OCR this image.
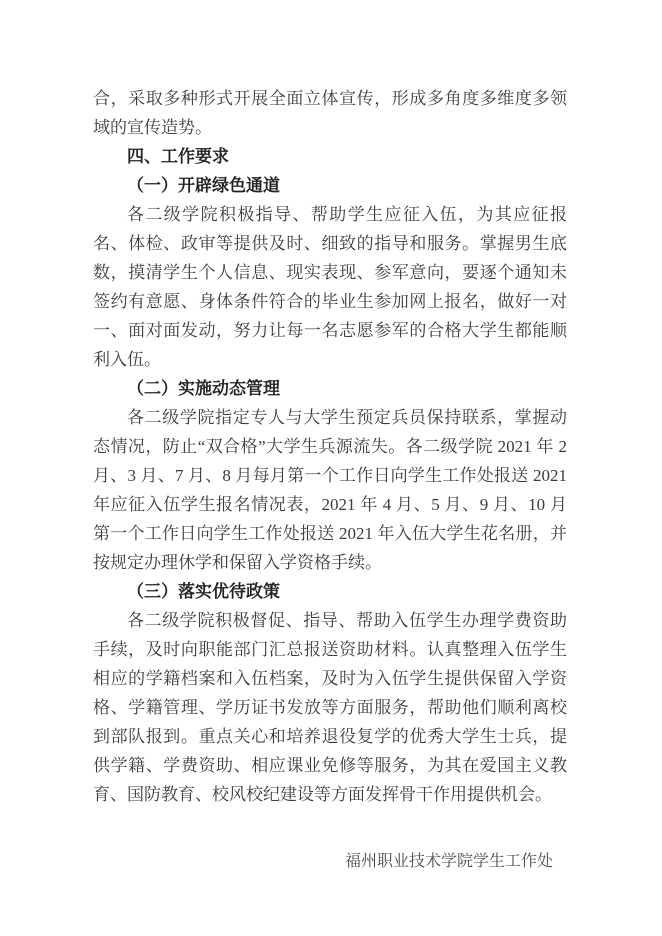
合，采取多种形式开展全面立体宣传，形成多角度多维度多领域的宣传造势。

四、工作要求

（一）开辟绿色通道

各二级学院积极指导、帮助学生应征入伍，为其应征报名、体检、政审等提供及时、细致的指导和服务。掌握男生底数，摸清学生个人信息、现实表现、参军意向，要逐个通知未签约有意愿、身体条件符合的毕业生参加网上报名，做好一对一、面对面发动，努力让每一名志愿参军的合格大学生都能顺利入伍。

（二）实施动态管理

各二级学院指定专人与大学生预定兵员保持联系，掌握动态情况，防止“双合格”大学生兵源流失。各二级学院 2021 年 2 月、3 月、7 月、8 月每月第一个工作日向学生工作处报送 2021 年应征入伍学生报名情况表，2021 年 4 月、5 月、9 月、10 月第一个工作日向学生工作处报送 2021 年入伍大学生花名册，并按规定办理休学和保留入学资格手续。

（三）落实优待政策

各二级学院积极督促、指导、帮助入伍学生办理学费资助手续，及时向职能部门汇总报送资助材料。认真整理入伍学生相应的学籍档案和入伍档案，及时为入伍学生提供保留入学资格、学籍管理、学历证书发放等方面服务，帮助他们顺利离校到部队报到。重点关心和培养退役复学的优秀大学生士兵，提供学籍、学费资助、相应课业免修等服务，为其在爱国主义教育、国防教育、校风校纪建设等方面发挥骨干作用提供机会。

福州职业技术学院学生工作处
